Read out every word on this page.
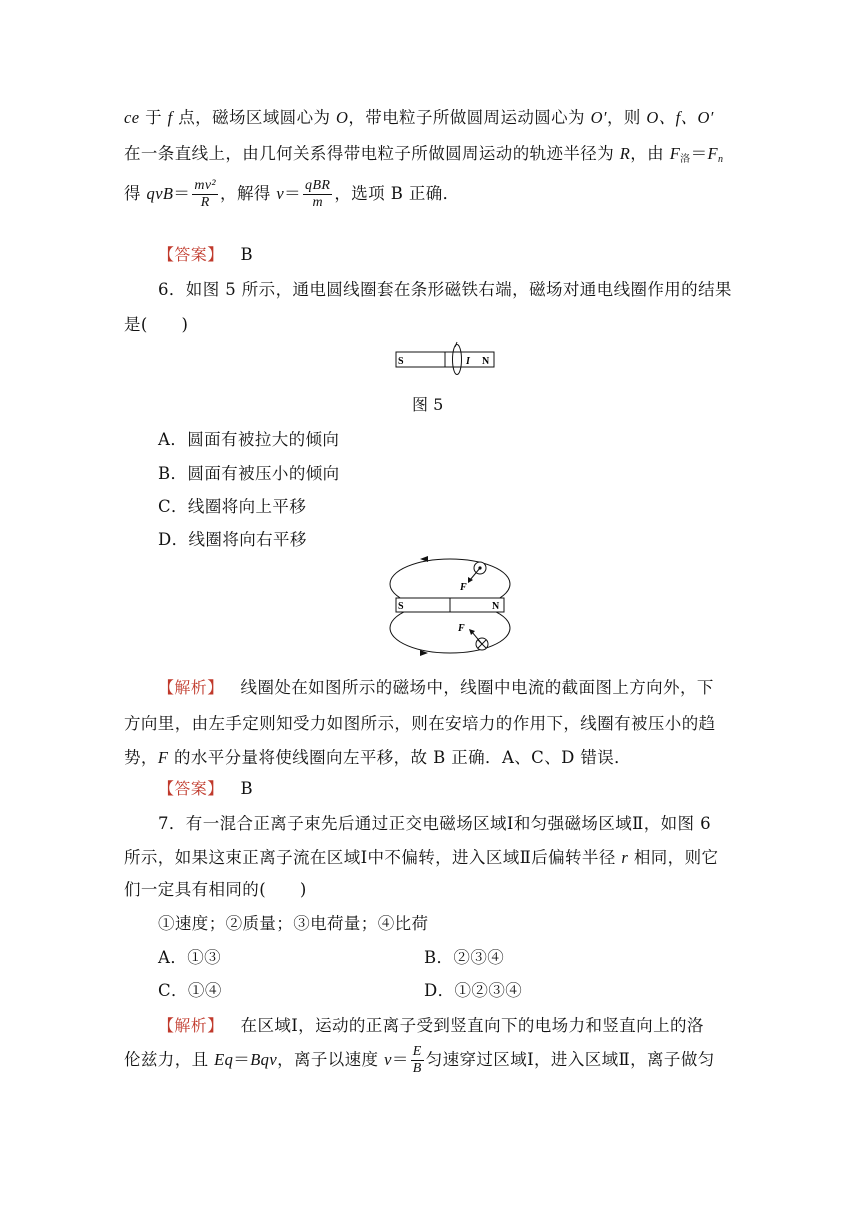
ce 于 f 点，磁场区域圆心为 O，带电粒子所做圆周运动圆心为 O′，则 O、f、O′
在一条直线上，由几何关系得带电粒子所做圆周运动的轨迹半径为 R，由 $F_洛=F_n$
得 $qvB= \frac{\text{mv²}}{R}$ ，解得 $v= \frac{\text{qBR}}{m}$ ，选项 B 正确．
【答案】 B
6．如图 5 所示，通电圆线圈套在条形磁铁右端，磁场对通电线圈作用的结果
是(　　)
S	N
I
图 5
A．圆面有被拉大的倾向
B．圆面有被压小的倾向
C．线圈将向上平移
D．线圈将向右平移
S	N
F
F
【解析】 线圈处在如图所示的磁场中，线圈中电流的截面图上方向外，下
方向里，由左手定则知受力如图所示，则在安培力的作用下，线圈有被压小的趋
势，F 的水平分量将使线圈向左平移，故 B 正确．A、C、D 错误．
【答案】 B
7．有一混合正离子束先后通过正交电磁场区域Ⅰ和匀强磁场区域Ⅱ，如图 6
所示，如果这束正离子流在区域Ⅰ中不偏转，进入区域Ⅱ后偏转半径 r 相同，则它
们一定具有相同的(　　)
①速度；②质量；③电荷量；④比荷
A．①③	B．②③④
C．①④	D．①②③④
【解析】 在区域Ⅰ，运动的正离子受到竖直向下的电场力和竖直向上的洛
伦兹力，且 Eq＝Bqv，离子以速度 $v= \frac{E}{B}$ 匀速穿过区域Ⅰ，进入区域Ⅱ，离子做匀
